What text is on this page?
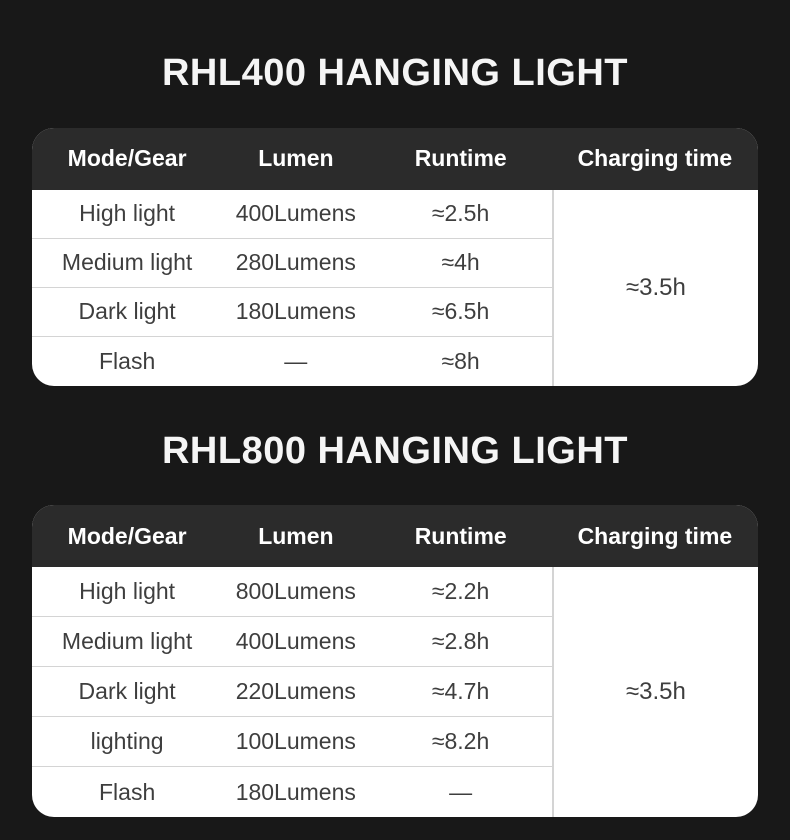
RHL400 HANGING LIGHT
Mode/Gear	Lumen	Runtime	Charging time
High light	400Lumens	≈2.5h
Medium light	280Lumens	≈4h
Dark light	180Lumens	≈6.5h
Flash	—	≈8h
≈3.5h
RHL800 HANGING LIGHT
Mode/Gear	Lumen	Runtime	Charging time
High light	800Lumens	≈2.2h
Medium light	400Lumens	≈2.8h
Dark light	220Lumens	≈4.7h
lighting	100Lumens	≈8.2h
Flash	180Lumens	—
≈3.5h
